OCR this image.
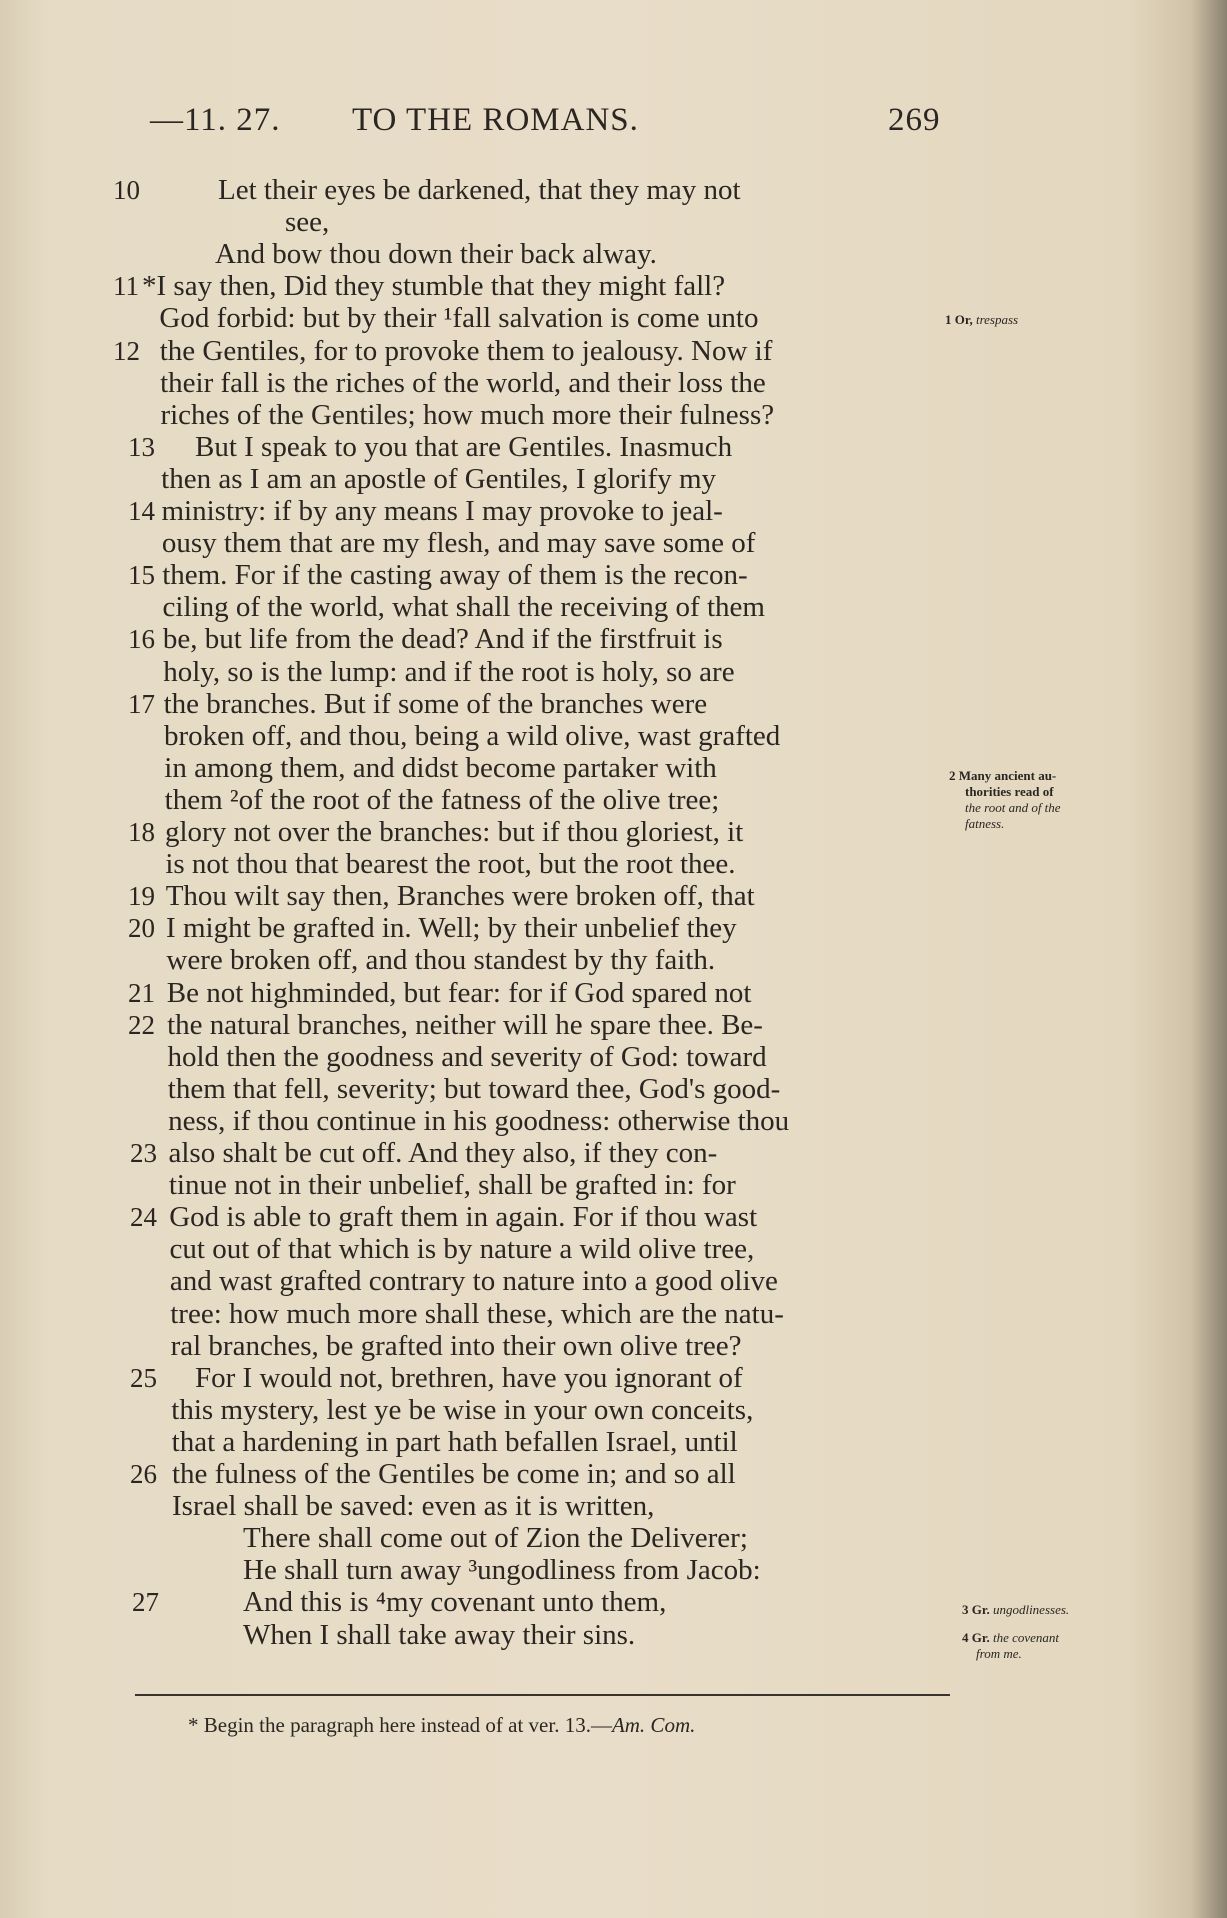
—11. 27. TO THE ROMANS.	269
10	Let their eyes be darkened, that they may not
see,
And bow thou down their back alway.
11 *I say then, Did they stumble that they might fall?
God forbid: but by their ¹fall salvation is come unto
12 the Gentiles, for to provoke them to jealousy. Now if
their fall is the riches of the world, and their loss the
riches of the Gentiles; how much more their fulness?
13 But I speak to you that are Gentiles. Inasmuch
then as I am an apostle of Gentiles, I glorify my
14 ministry: if by any means I may provoke to jeal-
ousy them that are my flesh, and may save some of
15 them. For if the casting away of them is the recon-
ciling of the world, what shall the receiving of them
16 be, but life from the dead? And if the firstfruit is
holy, so is the lump: and if the root is holy, so are
17 the branches. But if some of the branches were
broken off, and thou, being a wild olive, wast grafted
in among them, and didst become partaker with
them ²of the root of the fatness of the olive tree;
18 glory not over the branches: but if thou gloriest, it
is not thou that bearest the root, but the root thee.
19 Thou wilt say then, Branches were broken off, that
20 I might be grafted in. Well; by their unbelief they
were broken off, and thou standest by thy faith.
21 Be not highminded, but fear: for if God spared not
22 the natural branches, neither will he spare thee. Be-
hold then the goodness and severity of God: toward
them that fell, severity; but toward thee, God's good-
ness, if thou continue in his goodness: otherwise thou
23 also shalt be cut off. And they also, if they con-
tinue not in their unbelief, shall be grafted in: for
24 God is able to graft them in again. For if thou wast
cut out of that which is by nature a wild olive tree,
and wast grafted contrary to nature into a good olive
tree: how much more shall these, which are the natu-
ral branches, be grafted into their own olive tree?
25 For I would not, brethren, have you ignorant of
this mystery, lest ye be wise in your own conceits,
that a hardening in part hath befallen Israel, until
26 the fulness of the Gentiles be come in; and so all
Israel shall be saved: even as it is written,
There shall come out of Zion the Deliverer;
He shall turn away ³ungodliness from Jacob:
27	And this is ⁴my covenant unto them,
When I shall take away their sins.
1 Or, trespass
2 Many ancient au-
thorities read of
the root and of the
fatness.
3 Gr. ungodlinesses.
4 Gr. the covenant
from me.
* Begin the paragraph here instead of at ver. 13.—Am. Com.
